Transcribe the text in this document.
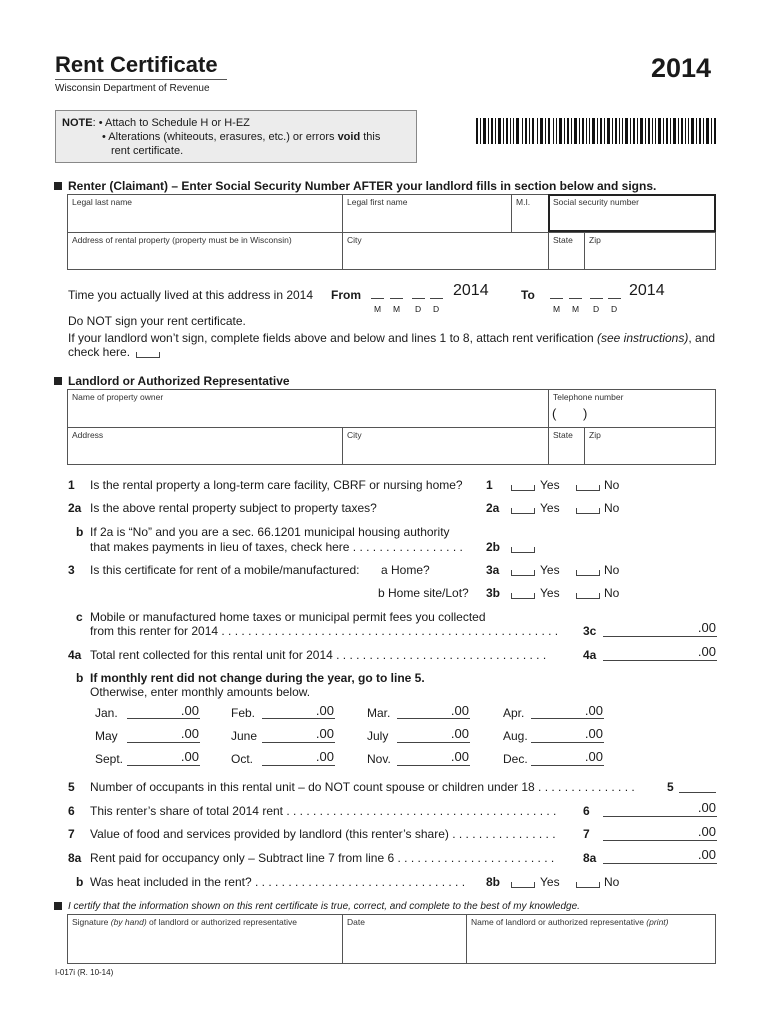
Rent Certificate
Wisconsin Department of Revenue
2014
NOTE: • Attach to Schedule H or H-EZ
• Alterations (whiteouts, erasures, etc.) or errors void this
rent certificate.
Renter (Claimant) – Enter Social Security Number AFTER your landlord fills in section below and signs.
Legal last name	Legal first name	M.I.	Social security number
Address of rental property (property must be in Wisconsin)	City	State Zip
Time you actually lived at this address in 2014 From	2014
M M D D
To	2014
M M D D
Do NOT sign your rent certificate.
If your landlord won’t sign, complete fields above and below and lines 1 to 8, attach rent verification (see instructions), and
check here.
Landlord or Authorized Representative
Name of property owner	Telephone number
( )
Address	City	State Zip
1 Is the rental property a long-term care facility, CBRF or nursing home? 1	Yes	No
2a Is the above rental property subject to property taxes?	2a	Yes	No
b If 2a is “No” and you are a sec. 66.1201 municipal housing authority
that makes payments in lieu of taxes, check here . . . . . . . . . . . . . . . . . 2b
3 Is this certificate for rent of a mobile/manufactured: a Home?	3a	Yes	No
b Home site/Lot? 3b	Yes	No
c Mobile or manufactured home taxes or municipal permit fees you collected
from this renter for 2014 . . . . . . . . . . . . . . . . . . . . . . . . . . . . . . . . . . . . . . . . . . . . . . . . . . . 3c	.00
4a Total rent collected for this rental unit for 2014 . . . . . . . . . . . . . . . . . . . . . . . . . . . . . . . .	4a	.00
b If monthly rent did not change during the year, go to line 5.
Otherwise, enter monthly amounts below.
Jan.	.00	Feb.	.00	Mar.	.00	Apr.	.00
May	.00	June	.00	July	.00	Aug.	.00
Sept.	.00	Oct.	.00	Nov.	.00	Dec.	.00
5 Number of occupants in this rental unit – do NOT count spouse or children under 18 . . . . . . . . . . . . . . .	5
6 This renter’s share of total 2014 rent . . . . . . . . . . . . . . . . . . . . . . . . . . . . . . . . . . . . . . . . . 6	.00
7 Value of food and services provided by landlord (this renter’s share) . . . . . . . . . . . . . . . . 7	.00
8a Rent paid for occupancy only – Subtract line 7 from line 6 . . . . . . . . . . . . . . . . . . . . . . . . 8a	.00
b Was heat included in the rent? . . . . . . . . . . . . . . . . . . . . . . . . . . . . . . . . 8b	Yes	No
I certify that the information shown on this rent certificate is true, correct, and complete to the best of my knowledge.
Signature (by hand) of landlord or authorized representative	Date	Name of landlord or authorized representative (print)
I-017i (R. 10-14)
